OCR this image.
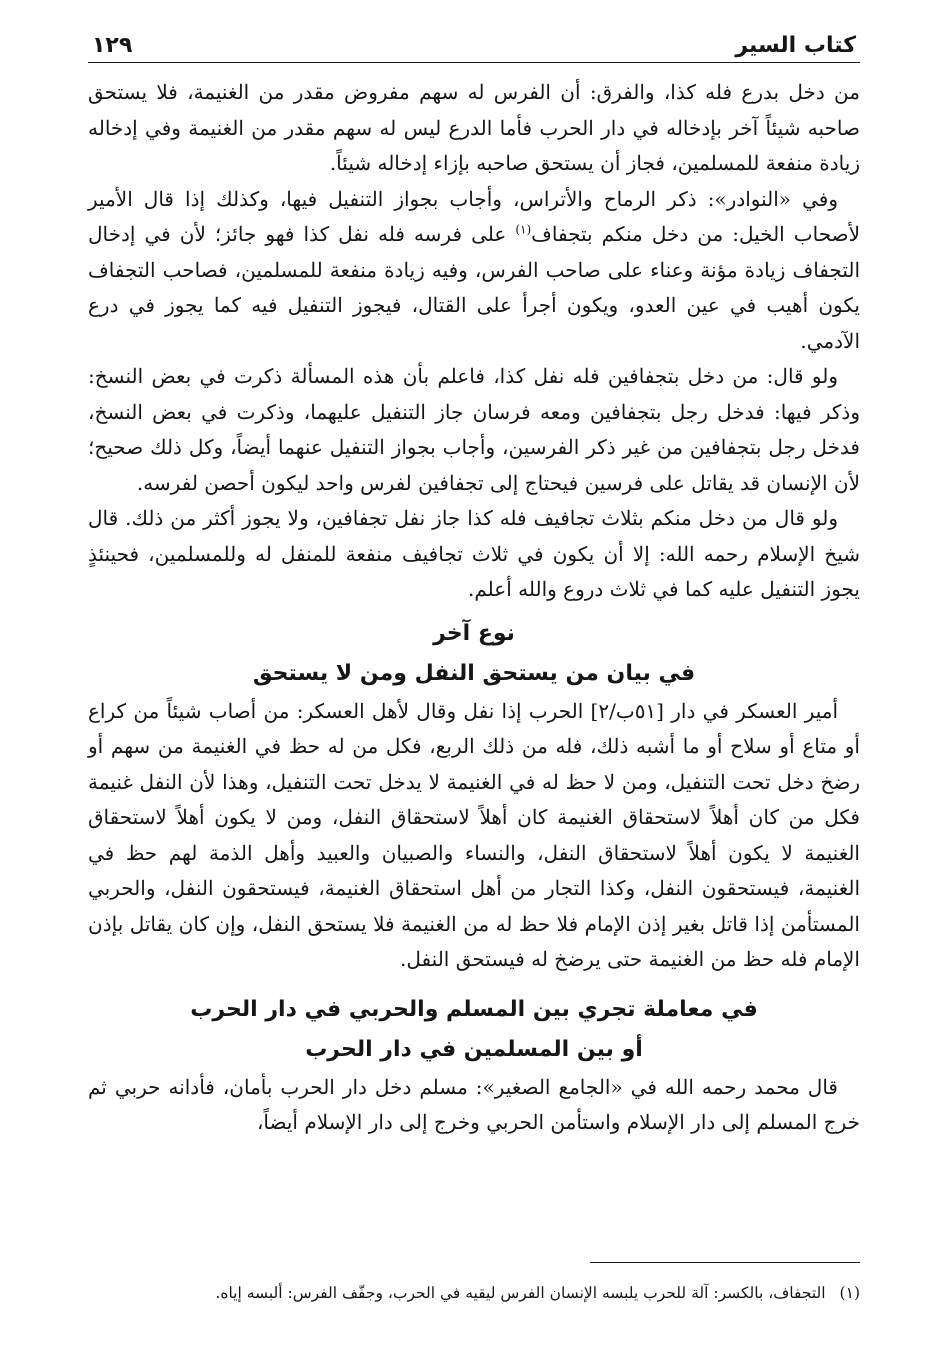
كتاب السير
١٢٩

من دخل بدرع فله كذا، والفرق: أن الفرس له سهم مفروض مقدر من الغنيمة، فلا يستحق صاحبه شيئاً آخر بإدخاله في دار الحرب فأما الدرع ليس له سهم مقدر من الغنيمة وفي إدخاله زيادة منفعة للمسلمين، فجاز أن يستحق صاحبه بإزاء إدخاله شيئاً.

وفي «النوادر»: ذكر الرماح والأتراس، وأجاب بجواز التنفيل فيها، وكذلك إذا قال الأمير لأصحاب الخيل: من دخل منكم بتجفاف$^{(١)}$ على فرسه فله نفل كذا فهو جائز؛ لأن في إدخال التجفاف زيادة مؤنة وعناء على صاحب الفرس، وفيه زيادة منفعة للمسلمين، فصاحب التجفاف يكون أهيب في عين العدو، ويكون أجرأ على القتال، فيجوز التنفيل فيه كما يجوز في درع الآدمي.

ولو قال: من دخل بتجفافين فله نفل كذا، فاعلم بأن هذه المسألة ذكرت في بعض النسخ: وذكر فيها: فدخل رجل بتجفافين ومعه فرسان جاز التنفيل عليهما، وذكرت في بعض النسخ، فدخل رجل بتجفافين من غير ذكر الفرسين، وأجاب بجواز التنفيل عنهما أيضاً، وكل ذلك صحيح؛ لأن الإنسان قد يقاتل على فرسين فيحتاج إلى تجفافين لفرس واحد ليكون أحصن لفرسه.

ولو قال من دخل منكم بثلاث تجافيف فله كذا جاز نفل تجفافين، ولا يجوز أكثر من ذلك. قال شيخ الإسلام رحمه الله: إلا أن يكون في ثلاث تجافيف منفعة للمنفل له وللمسلمين، فحينئذٍ يجوز التنفيل عليه كما في ثلاث دروع والله أعلم.

نوع آخر
في بيان من يستحق النفل ومن لا يستحق

أمير العسكر في دار [٥١ب/٢] الحرب إذا نفل وقال لأهل العسكر: من أصاب شيئاً من كراع أو متاع أو سلاح أو ما أشبه ذلك، فله من ذلك الربع، فكل من له حظ في الغنيمة من سهم أو رضخ دخل تحت التنفيل، ومن لا حظ له في الغنيمة لا يدخل تحت التنفيل، وهذا لأن النفل غنيمة فكل من كان أهلاً لاستحقاق الغنيمة كان أهلاً لاستحقاق النفل، ومن لا يكون أهلاً لاستحقاق الغنيمة لا يكون أهلاً لاستحقاق النفل، والنساء والصبيان والعبيد وأهل الذمة لهم حظ في الغنيمة، فيستحقون النفل، وكذا التجار من أهل استحقاق الغنيمة، فيستحقون النفل، والحربي المستأمن إذا قاتل بغير إذن الإمام فلا حظ له من الغنيمة فلا يستحق النفل، وإن كان يقاتل بإذن الإمام فله حظ من الغنيمة حتى يرضخ له فيستحق النفل.

في معاملة تجري بين المسلم والحربي في دار الحرب
أو بين المسلمين في دار الحرب

قال محمد رحمه الله في «الجامع الصغير»: مسلم دخل دار الحرب بأمان، فأدانه حربي ثم خرج المسلم إلى دار الإسلام واستأمن الحربي وخرج إلى دار الإسلام أيضاً،

(١)التجفاف، بالكسر: آلة للحرب يلبسه الإنسان الفرس ليقيه في الحرب، وجفّف الفرس: ألبسه إياه.
